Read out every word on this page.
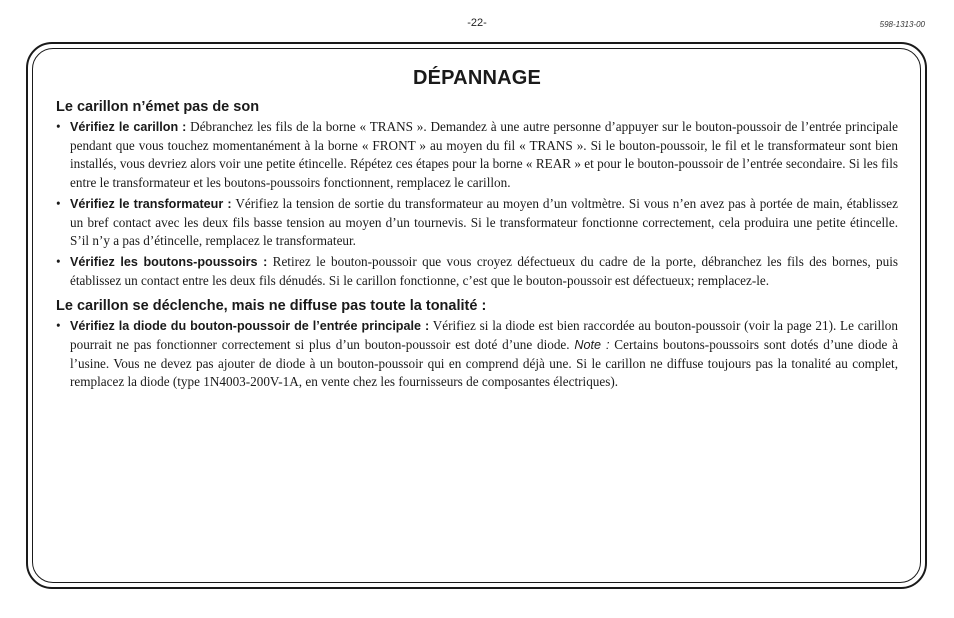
-22-	598-1313-00
DÉPANNAGE
Le carillon n’émet pas de son
• Vérifiez le carillon : Débranchez les fils de la borne « TRANS ». Demandez à une autre personne d’appuyer sur le bouton-poussoir de l’entrée principale pendant que vous touchez momentanément à la borne « FRONT » au moyen du fil « TRANS ». Si le bouton-poussoir, le fil et le transformateur sont bien installés, vous devriez alors voir une petite étincelle. Répétez ces étapes pour la borne « REAR » et pour le bouton-poussoir de l’entrée secondaire. Si les fils entre le transformateur et les boutons-poussoirs fonctionnent, remplacez le carillon.
• Vérifiez le transformateur : Vérifiez la tension de sortie du transformateur au moyen d’un voltmètre. Si vous n’en avez pas à portée de main, établissez un bref contact avec les deux fils basse tension au moyen d’un tournevis. Si le transformateur fonctionne correctement, cela produira une petite étincelle. S’il n’y a pas d’étincelle, remplacez le transformateur.
• Vérifiez les boutons-poussoirs : Retirez le bouton-poussoir que vous croyez défectueux du cadre de la porte, débranchez les fils des bornes, puis établissez un contact entre les deux fils dénudés. Si le carillon fonctionne, c’est que le bouton-poussoir est défectueux; remplacez-le.
Le carillon se déclenche, mais ne diffuse pas toute la tonalité :
• Vérifiez la diode du bouton-poussoir de l’entrée principale : Vérifiez si la diode est bien raccordée au bouton-poussoir (voir la page 21). Le carillon pourrait ne pas fonctionner correctement si plus d’un bouton-poussoir est doté d’une diode. Note : Certains boutons-poussoirs sont dotés d’une diode à l’usine. Vous ne devez pas ajouter de diode à un bouton-poussoir qui en comprend déjà une. Si le carillon ne diffuse toujours pas la tonalité au complet, remplacez la diode (type 1N4003-200V-1A, en vente chez les fournisseurs de composantes électriques).
